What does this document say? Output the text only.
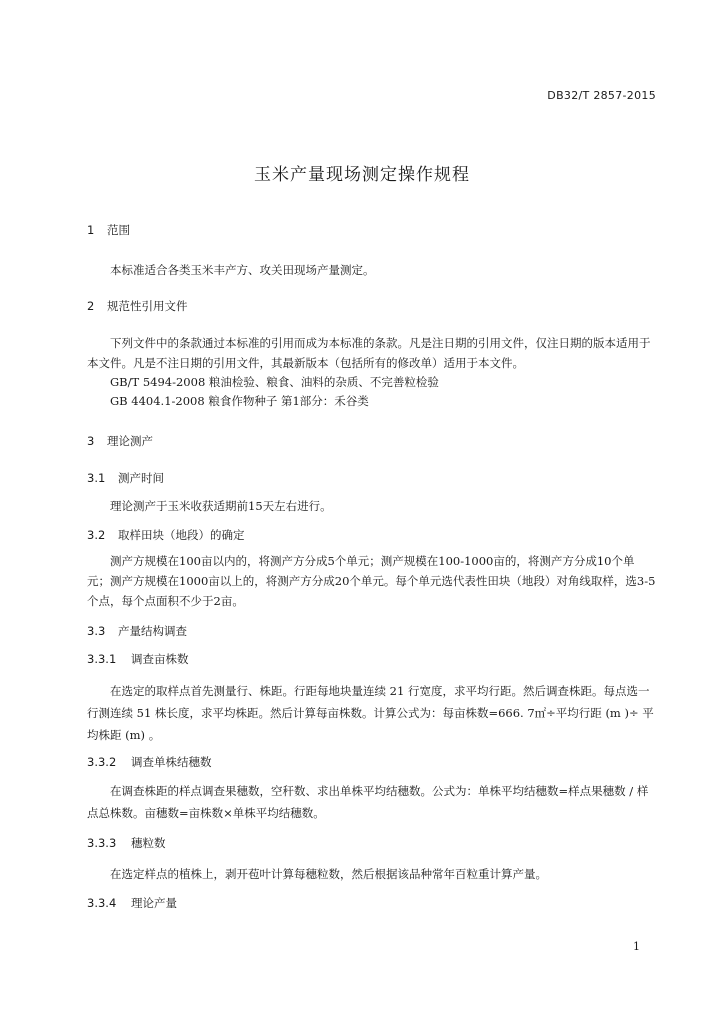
DB32/T 2857-2015
玉米产量现场测定操作规程
1 范围

本标准适合各类玉米丰产方、攻关田现场产量测定。

2 规范性引用文件

下列文件中的条款通过本标准的引用而成为本标准的条款。凡是注日期的引用文件，仅注日期的版本适用于本文件。凡是不注日期的引用文件，其最新版本（包括所有的修改单）适用于本文件。

GB/T 5494-2008 粮油检验、粮食、油料的杂质、不完善粒检验
GB 4404.1-2008 粮食作物种子 第1部分：禾谷类
3 理论测产
3.1 测产时间

理论测产于玉米收获适期前15天左右进行。

3.2 取样田块（地段）的确定

测产方规模在100亩以内的，将测产方分成5个单元；测产规模在100-1000亩的，将测产方分成10个单元；测产方规模在1000亩以上的，将测产方分成20个单元。每个单元选代表性田块（地段）对角线取样，选3-5个点，每个点面积不少于2亩。

3.3 产量结构调查
3.3.1 调查亩株数

在选定的取样点首先测量行、株距。行距每地块量连续 21 行宽度，求平均行距。然后调查株距。每点选一行测连续 51 株长度，求平均株距。然后计算每亩株数。计算公式为：每亩株数=666. 7㎡÷平均行距 (m )÷ 平均株距 (m) 。

3.3.2 调查单株结穗数

在调查株距的样点调查果穗数，空秆数、求出单株平均结穗数。公式为：单株平均结穗数=样点果穗数 / 样点总株数。亩穗数=亩株数×单株平均结穗数。

3.3.3 穗粒数

在选定样点的植株上，剥开苞叶计算每穗粒数，然后根据该品种常年百粒重计算产量。

3.3.4 理论产量
1
